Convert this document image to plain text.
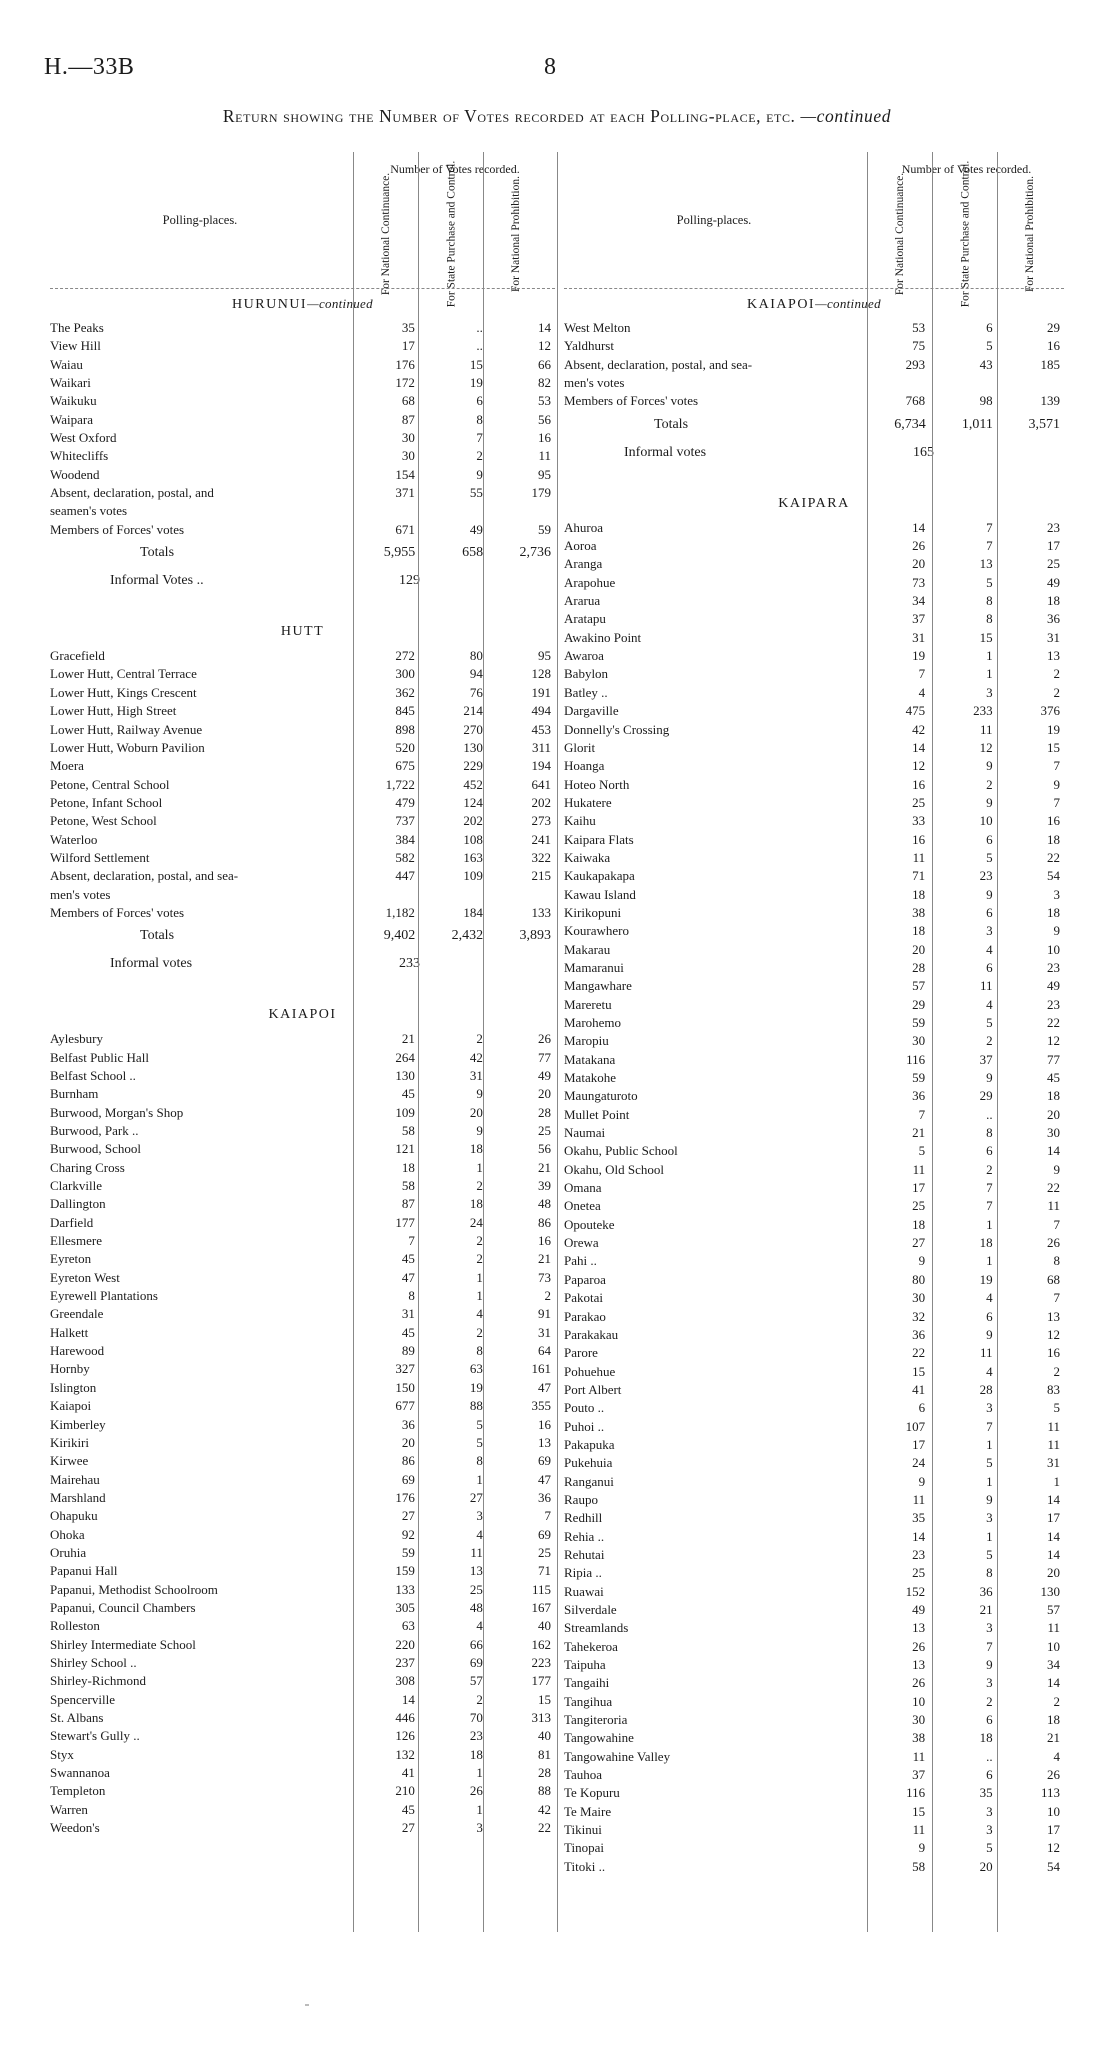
H.—33B	8
Return showing the Number of Votes recorded at each Polling-place, etc. —continued
Polling-places.
Number of Votes recorded.
For National Continuance.	For State Purchase and Control.	For National Prohibition.
HURUNUI—continued
The Peaks	35	..	14
View Hill	17	..	12
Waiau	176	15	66
Waikari	172	19	82
Waikuku	68	6	53
Waipara	87	8	56
West Oxford	30	7	16
Whitecliffs	30	2	11
Woodend	154	9	95
Absent, declaration, postal, and	371	55	179
seamen's votes
Members of Forces' votes	671	49	59
Totals	5,955	658	2,736
Informal Votes ..	129
HUTT
Gracefield	272	80	95
Lower Hutt, Central Terrace	300	94	128
Lower Hutt, Kings Crescent	362	76	191
Lower Hutt, High Street	845	214	494
Lower Hutt, Railway Avenue	898	270	453
Lower Hutt, Woburn Pavilion	520	130	311
Moera	675	229	194
Petone, Central School	1,722	452	641
Petone, Infant School	479	124	202
Petone, West School	737	202	273
Waterloo	384	108	241
Wilford Settlement	582	163	322
Absent, declaration, postal, and sea-	447	109	215
men's votes
Members of Forces' votes	1,182	184	133
Totals	9,402	2,432	3,893
Informal votes	233
KAIAPOI
Aylesbury	21	2	26
Belfast Public Hall	264	42	77
Belfast School ..	130	31	49
Burnham	45	9	20
Burwood, Morgan's Shop	109	20	28
Burwood, Park ..	58	9	25
Burwood, School	121	18	56
Charing Cross	18	1	21
Clarkville	58	2	39
Dallington	87	18	48
Darfield	177	24	86
Ellesmere	7	2	16
Eyreton	45	2	21
Eyreton West	47	1	73
Eyrewell Plantations	8	1	2
Greendale	31	4	91
Halkett	45	2	31
Harewood	89	8	64
Hornby	327	63	161
Islington	150	19	47
Kaiapoi	677	88	355
Kimberley	36	5	16
Kirikiri	20	5	13
Kirwee	86	8	69
Mairehau	69	1	47
Marshland	176	27	36
Ohapuku	27	3	7
Ohoka	92	4	69
Oruhia	59	11	25
Papanui Hall	159	13	71
Papanui, Methodist Schoolroom	133	25	115
Papanui, Council Chambers	305	48	167
Rolleston	63	4	40
Shirley Intermediate School	220	66	162
Shirley School ..	237	69	223
Shirley-Richmond	308	57	177
Spencerville	14	2	15
St. Albans	446	70	313
Stewart's Gully ..	126	23	40
Styx	132	18	81
Swannanoa	41	1	28
Templeton	210	26	88
Warren	45	1	42
Weedon's	27	3	22
Polling-places.
Number of Votes recorded.
For National Continuance.	For State Purchase and Control.	For National Prohibition.
KAIAPOI—continued
West Melton	53	6	29
Yaldhurst	75	5	16
Absent, declaration, postal, and sea-	293	43	185
men's votes
Members of Forces' votes	768	98	139
Totals	6,734	1,011	3,571
Informal votes	165
KAIPARA
Ahuroa	14	7	23
Aoroa	26	7	17
Aranga	20	13	25
Arapohue	73	5	49
Ararua	34	8	18
Aratapu	37	8	36
Awakino Point	31	15	31
Awaroa	19	1	13
Babylon	7	1	2
Batley ..	4	3	2
Dargaville	475	233	376
Donnelly's Crossing	42	11	19
Glorit	14	12	15
Hoanga	12	9	7
Hoteo North	16	2	9
Hukatere	25	9	7
Kaihu	33	10	16
Kaipara Flats	16	6	18
Kaiwaka	11	5	22
Kaukapakapa	71	23	54
Kawau Island	18	9	3
Kirikopuni	38	6	18
Kourawhero	18	3	9
Makarau	20	4	10
Mamaranui	28	6	23
Mangawhare	57	11	49
Mareretu	29	4	23
Marohemo	59	5	22
Maropiu	30	2	12
Matakana	116	37	77
Matakohe	59	9	45
Maungaturoto	36	29	18
Mullet Point	7	..	20
Naumai	21	8	30
Okahu, Public School	5	6	14
Okahu, Old School	11	2	9
Omana	17	7	22
Onetea	25	7	11
Opouteke	18	1	7
Orewa	27	18	26
Pahi ..	9	1	8
Paparoa	80	19	68
Pakotai	30	4	7
Parakao	32	6	13
Parakakau	36	9	12
Parore	22	11	16
Pohuehue	15	4	2
Port Albert	41	28	83
Pouto ..	6	3	5
Puhoi ..	107	7	11
Pakapuka	17	1	11
Pukehuia	24	5	31
Ranganui	9	1	1
Raupo	11	9	14
Redhill	35	3	17
Rehia ..	14	1	14
Rehutai	23	5	14
Ripia ..	25	8	20
Ruawai	152	36	130
Silverdale	49	21	57
Streamlands	13	3	11
Tahekeroa	26	7	10
Taipuha	13	9	34
Tangaihi	26	3	14
Tangihua	10	2	2
Tangiteroria	30	6	18
Tangowahine	38	18	21
Tangowahine Valley	11	..	4
Tauhoa	37	6	26
Te Kopuru	116	35	113
Te Maire	15	3	10
Tikinui	11	3	17
Tinopai	9	5	12
Titoki ..	58	20	54
